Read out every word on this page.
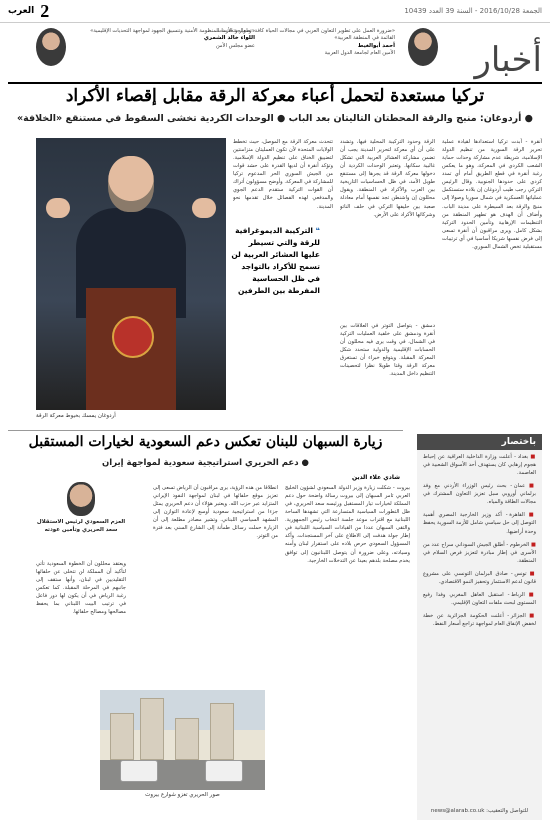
الجمعة 2016/10/28 - السنة 39 العدد 10439
2
العرب
أخبار
«ضرورة العمل على تطوير التعاون العربي في مجالات الحياة كافة، ومعالجة الأزمات القائمة في المنطقة العربية»
أحمد أبوالغيط
الأمين العام لجامعة الدول العربية
«تطوير وتحديث المنظومة الأمنية وتنسيق الجهود لمواجهة التحديات الإقليمية»
اللواء خالد الشمري
عضو مجلس الأمن
تركيا مستعدة لتحمل أعباء معركة الرقة مقابل إقصاء الأكراد
● أردوغان: منبج والرقة المحطتان التاليتان بعد الباب ● الوحدات الكردية تخشى السقوط في مستنقع «الخلافة»
أنقرة - أبدت تركيا استعدادها لقيادة عملية تحرير الرقة السورية من تنظيم الدولة الإسلامية، شريطة عدم مشاركة وحدات حماية الشعب الكردي في المعركة، وهو ما يعكس رغبة أنقرة في قطع الطريق أمام أي تمدد كردي على حدودها الجنوبية. وقال الرئيس التركي رجب طيب أردوغان إن بلاده ستستكمل عملياتها العسكرية في شمال سوريا وصولا إلى منبج والرقة بعد السيطرة على مدينة الباب. وأضاف أن الهدف هو تطهير المنطقة من التنظيمات الإرهابية وتأمين الحدود التركية بشكل كامل. ويرى مراقبون أن أنقرة تسعى إلى فرض نفسها شريكا أساسيا في أي ترتيبات مستقبلية تخص الشمال السوري.
الرقة وحدود التركيبة المحلية فيها، وتشدد على أن أي معركة لتحرير المدينة يجب أن تضمن مشاركة العشائر العربية التي تشكل غالبية سكانها. وتعتبر الوحدات الكردية أن دخولها معركة الرقة قد يجرها إلى مستنقع طويل الأمد، في ظل الحساسيات التاريخية بين العرب والأكراد في المنطقة. ويقول محللون إن واشنطن تجد نفسها أمام معادلة صعبة بين حليفها التركي في حلف الناتو وشركائها الأكراد على الأرض.
تتحدث معركة الرقة مع الموصل، حيث تخطط الولايات المتحدة لأن تكون العمليتان متزامنتين لتضييق الخناق على تنظيم الدولة الإسلامية. وتؤكد أنقرة أن لديها القدرة على حشد قوات من الجيش السوري الحر المدعوم تركيا للمشاركة في المعركة. وأوضح مسؤولون أتراك أن القوات التركية ستقدم الدعم الجوي والمدفعي لهذه الفصائل خلال تقدمها نحو المدينة.
دمشق - يتواصل التوتر في العلاقات بين أنقرة ودمشق على خلفية العمليات التركية في الشمال، في وقت يرى فيه محللون أن الحسابات الإقليمية والدولية ستحدد شكل المعركة المقبلة. ويتوقع خبراء أن تستغرق معركة الرقة وقتا طويلا نظرا لتحصينات التنظيم داخل المدينة.
❝ التركيبة الديموغرافية للرقة والتي تسيطر عليها العشائر العربية لن تسمح للأكراد بالتواجد في ظل الحساسية المفرطة بين الطرفين
أردوغان يمسك بخيوط معركة الرقة
زيارة السبهان للبنان تعكس دعم السعودية لخيارات المستقبل
● دعم الحريري استراتيجية سعودية لمواجهة إيران
شادي علاء الدين
بيروت - شكلت زيارة وزير الدولة السعودي لشؤون الخليج العربي ثامر السبهان إلى بيروت رسالة واضحة حول دعم المملكة لخيارات تيار المستقبل ورئيسه سعد الحريري، في ظل التطورات السياسية المتسارعة التي تشهدها الساحة اللبنانية مع اقتراب موعد جلسة انتخاب رئيس الجمهورية. والتقى السبهان عددا من القيادات السياسية اللبنانية في إطار جولة هدفت إلى الاطلاع على آخر المستجدات. وأكد المسؤول السعودي حرص بلاده على استقرار لبنان وأمنه وسيادته، وعلى ضرورة أن يتوصل اللبنانيون إلى توافق يخدم مصلحة بلدهم بعيدا عن التدخلات الخارجية.
انطلاقا من هذه الرؤية، يرى مراقبون أن الرياض تسعى إلى تعزيز موقع حلفائها في لبنان لمواجهة النفوذ الإيراني المتزايد عبر حزب الله. ويعتبر هؤلاء أن دعم الحريري يمثل جزءا من استراتيجية سعودية أوسع لإعادة التوازن إلى المشهد السياسي اللبناني. وتشير مصادر مطلعة إلى أن الزيارة حملت رسائل طمأنة إلى الشارع السني بعد فترة من التوتر.
ويعتقد محللون أن الخطوة السعودية تأتي لتأكيد أن المملكة لن تتخلى عن حلفائها التقليديين في لبنان، وأنها ستقف إلى جانبهم في المرحلة المقبلة. كما تعكس رغبة الرياض في أن يكون لها دور فاعل في ترتيب البيت اللبناني بما يحفظ مصالحها ومصالح حلفائها.
العزم السعودي لرئيس الاستقلال سعد الحريري وتأمين عودته
صور الحريري تغزو شوارع بيروت
باختصار
■ بغداد - أعلنت وزارة الداخلية العراقية عن إحباط هجوم إرهابي كان يستهدف أحد الأسواق الشعبية في العاصمة.
■ عمان - بحث رئيس الوزراء الأردني مع وفد برلماني أوروبي سبل تعزيز التعاون المشترك في مجالات الطاقة والمياه.
■ القاهرة - أكد وزير الخارجية المصري أهمية التوصل إلى حل سياسي شامل للأزمة السورية يحفظ وحدة أراضيها.
■ الخرطوم - أطلق الجيش السوداني سراح عدد من الأسرى في إطار مبادرة لتعزيز فرص السلام في المنطقة.
■ تونس - صادق البرلمان التونسي على مشروع قانون لدعم الاستثمار وتحفيز النمو الاقتصادي.
■ الرباط - استقبل العاهل المغربي وفدا رفيع المستوى لبحث ملفات التعاون الإقليمي.
■ الجزائر - أعلنت الحكومة الجزائرية عن خطة لخفض الإنفاق العام لمواجهة تراجع أسعار النفط.
للتواصل والتعقيب: news@alarab.co.uk
